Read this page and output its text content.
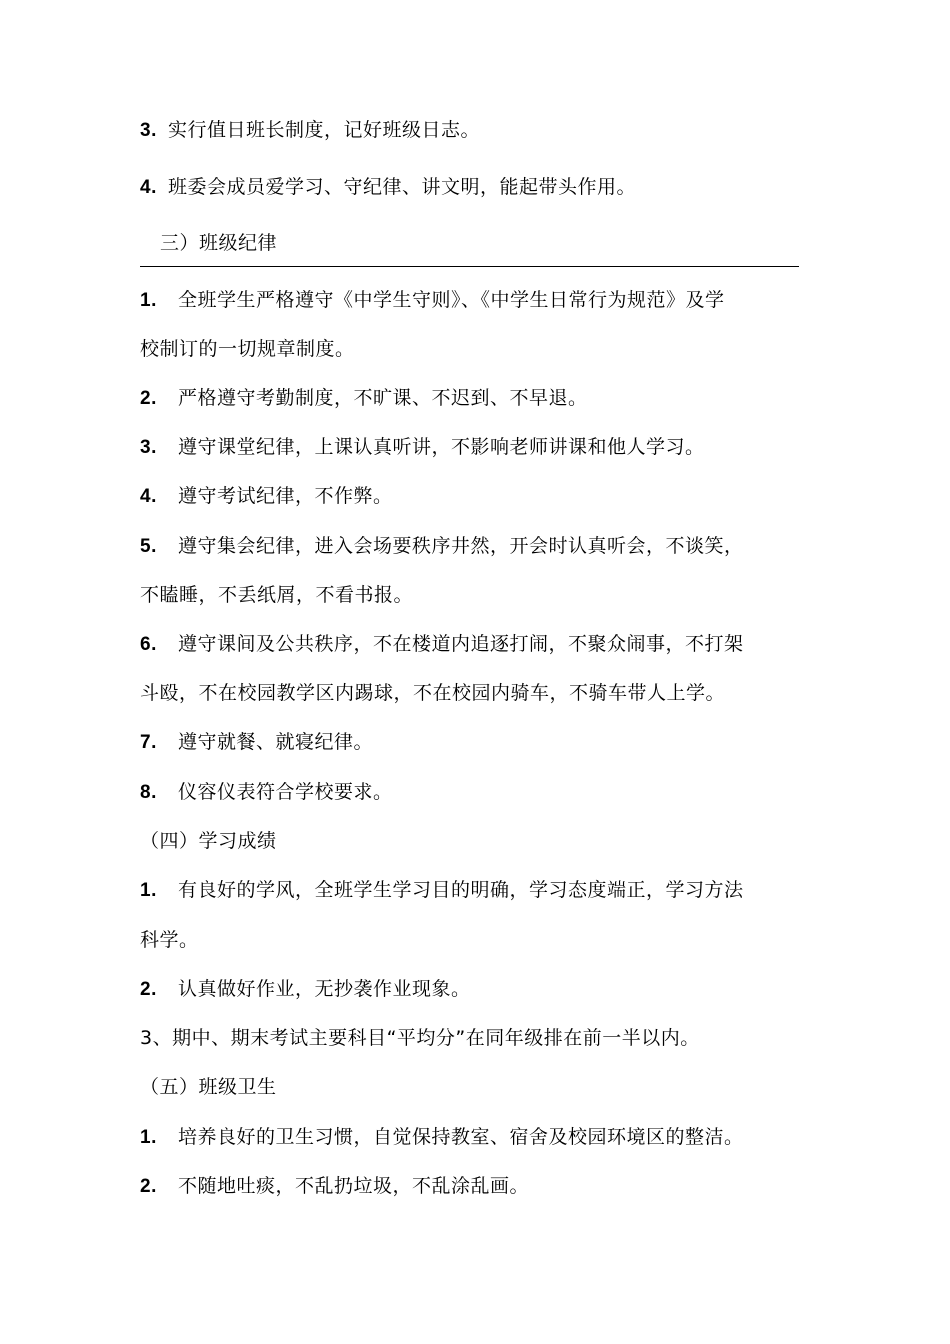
3. 实行值日班长制度，记好班级日志。
4. 班委会成员爱学习、守纪律、讲文明，能起带头作用。
三）班级纪律
1. 全班学生严格遵守《中学生守则》、《中学生日常行为规范》及学
校制订的一切规章制度。
2. 严格遵守考勤制度，不旷课、不迟到、不早退。
3. 遵守课堂纪律，上课认真听讲，不影响老师讲课和他人学习。
4. 遵守考试纪律，不作弊。
5. 遵守集会纪律，进入会场要秩序井然，开会时认真听会，不谈笑，
不瞌睡，不丢纸屑，不看书报。
6. 遵守课间及公共秩序，不在楼道内追逐打闹，不聚众闹事，不打架
斗殴，不在校园教学区内踢球，不在校园内骑车，不骑车带人上学。
7. 遵守就餐、就寝纪律。
8. 仪容仪表符合学校要求。
（四）学习成绩
1. 有良好的学风，全班学生学习目的明确，学习态度端正，学习方法
科学。
2. 认真做好作业，无抄袭作业现象。
3、期中、期末考试主要科目“平均分”在同年级排在前一半以内。
（五）班级卫生
1. 培养良好的卫生习惯，自觉保持教室、宿舍及校园环境区的整洁。
2. 不随地吐痰，不乱扔垃圾，不乱涂乱画。
